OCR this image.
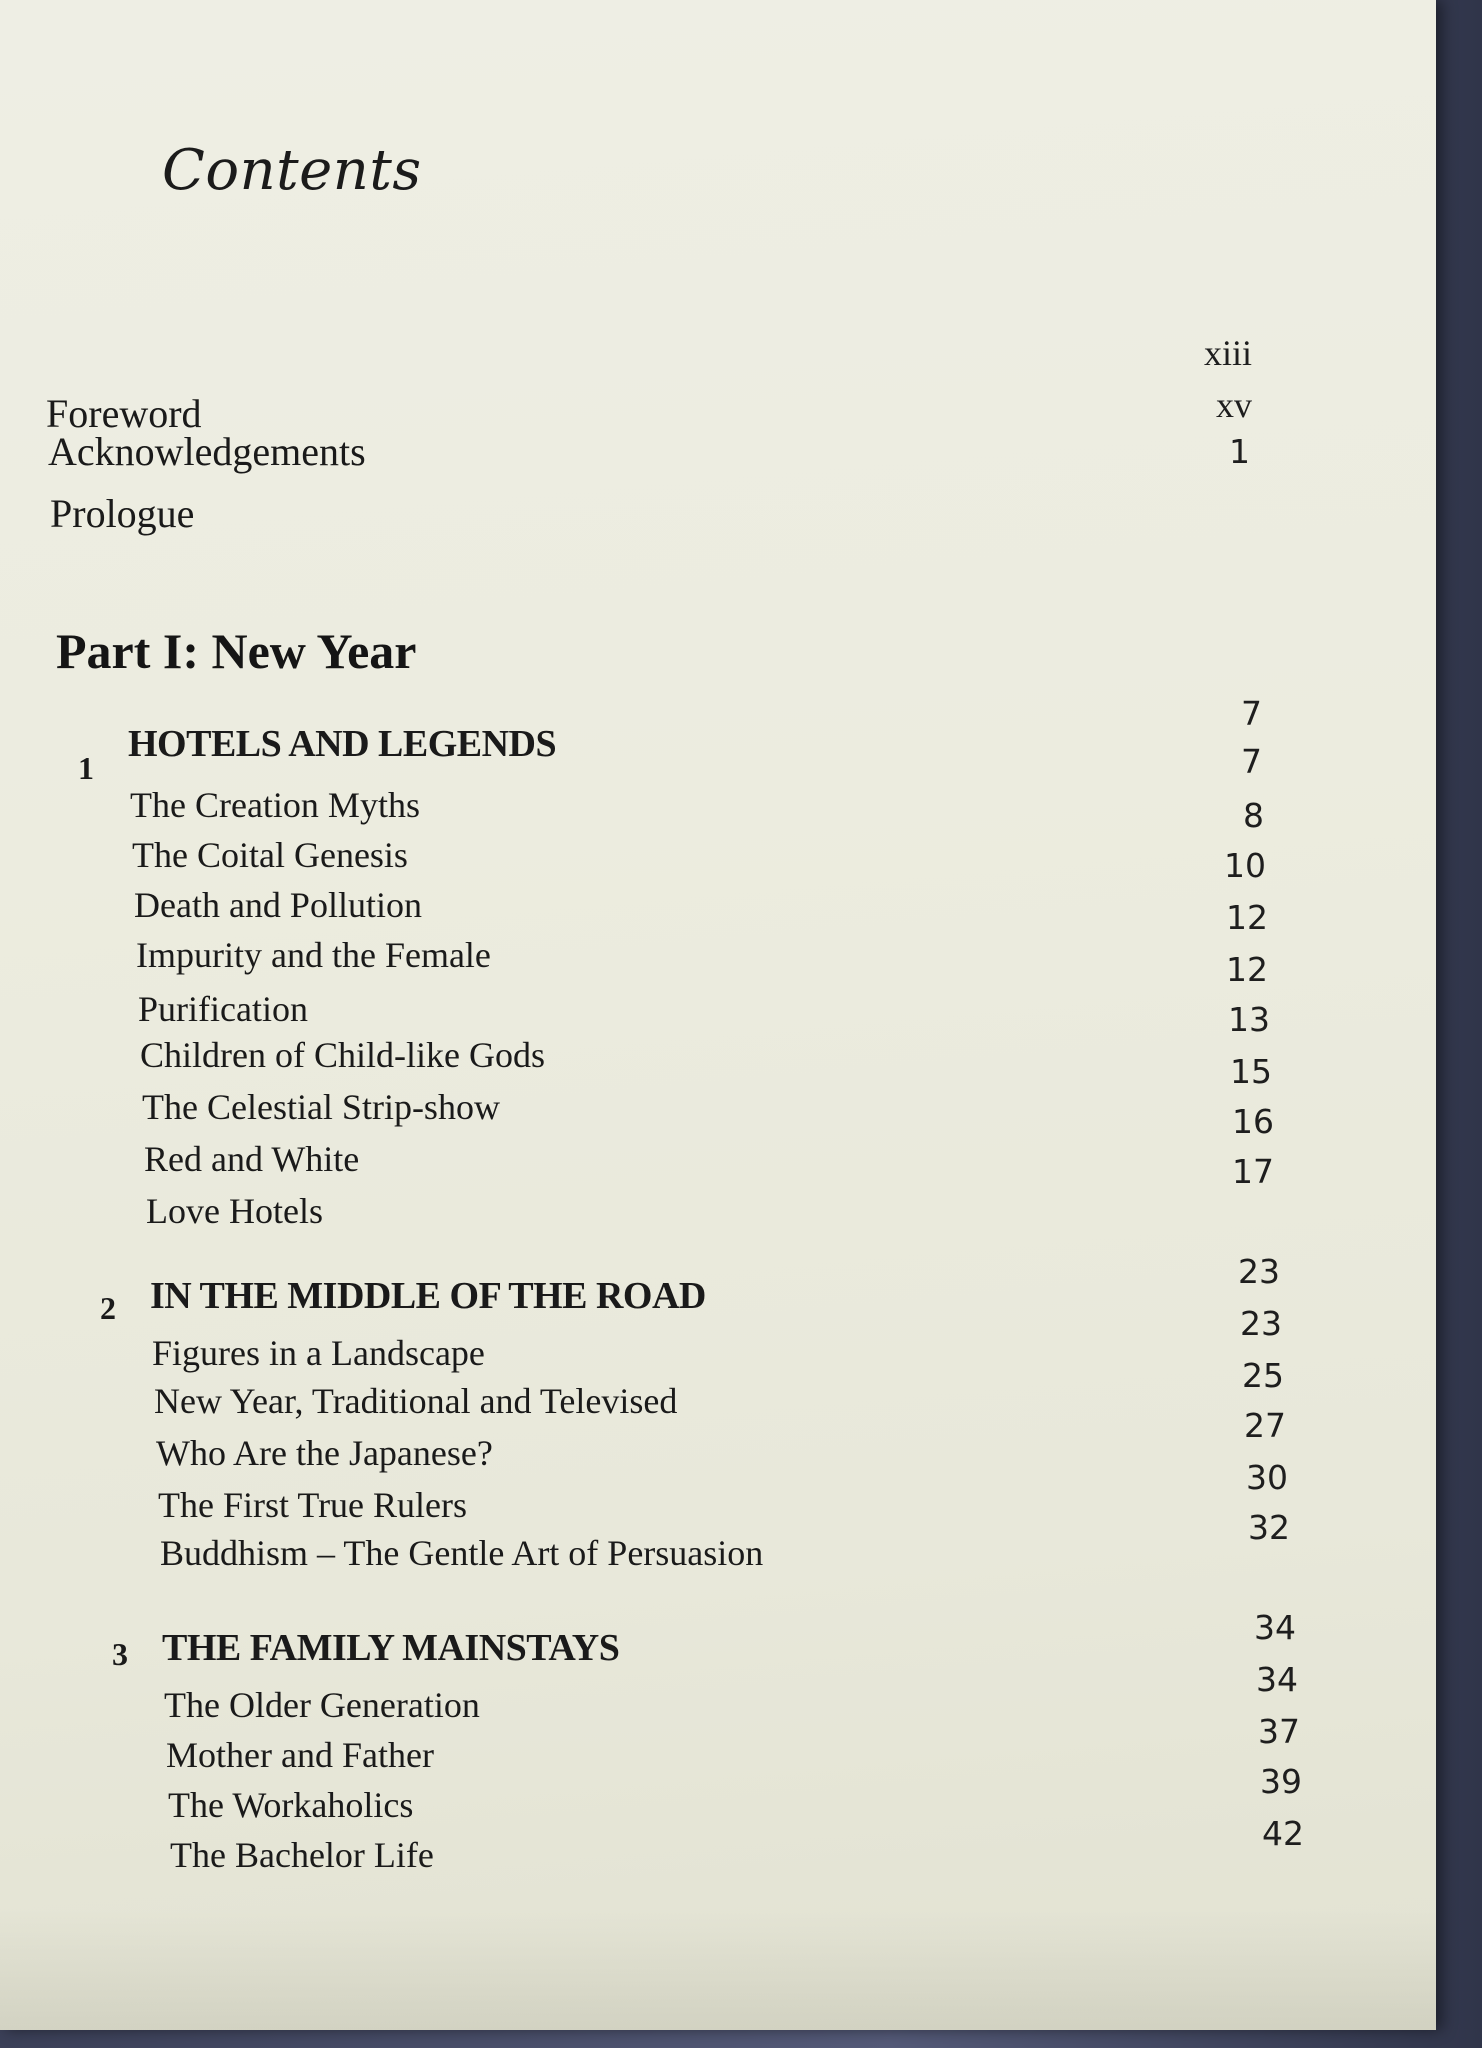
Contents
Foreword
xiii
Acknowledgements
xv
Prologue
1
Part I: New Year
1
HOTELS AND LEGENDS
7
The Creation Myths
7
The Coital Genesis
8
Death and Pollution
10
Impurity and the Female
12
Purification
12
Children of Child-like Gods
13
The Celestial Strip-show
15
Red and White
16
Love Hotels
17
2 IN THE MIDDLE OF THE ROAD
23
Figures in a Landscape
23
New Year, Traditional and Televised
25
Who Are the Japanese?
27
The First True Rulers
30
Buddhism – The Gentle Art of Persuasion
32
3 THE FAMILY MAINSTAYS	34
The Older Generation
34
Mother and Father
37
The Workaholics
39
The Bachelor Life
42
